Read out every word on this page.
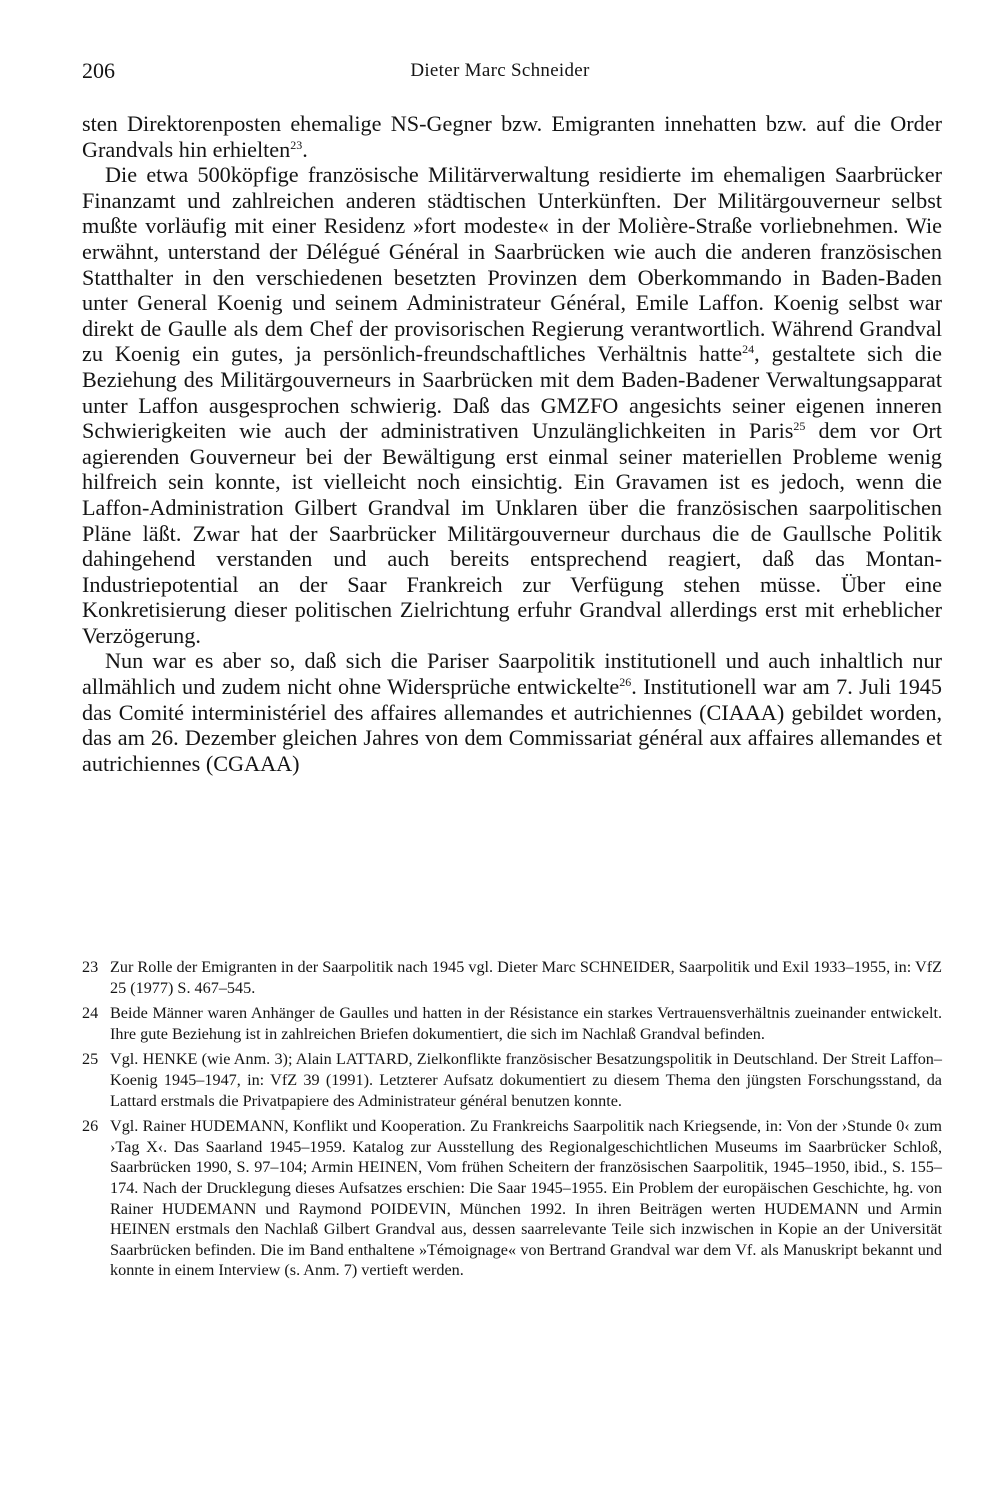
206	Dieter Marc Schneider

sten Direktorenposten ehemalige NS-Gegner bzw. Emigranten innehatten bzw. auf die Order Grandvals hin erhielten$^{23}$.

Die etwa 500köpfige französische Militärverwaltung residierte im ehemaligen Saarbrücker Finanzamt und zahlreichen anderen städtischen Unterkünften. Der Militärgouverneur selbst mußte vorläufig mit einer Residenz »fort modeste« in der Molière-Straße vorliebnehmen. Wie erwähnt, unterstand der Délégué Général in Saarbrücken wie auch die anderen französischen Statthalter in den verschiedenen besetzten Provinzen dem Oberkommando in Baden-Baden unter General Koenig und seinem Administrateur Général, Emile Laffon. Koenig selbst war direkt de Gaulle als dem Chef der provisorischen Regierung verantwortlich. Während Grandval zu Koenig ein gutes, ja persönlich-freundschaftliches Verhältnis hatte$^{24}$, gestaltete sich die Beziehung des Militärgouverneurs in Saarbrücken mit dem Baden-Badener Verwaltungsapparat unter Laffon ausgesprochen schwierig. Daß das GMZFO angesichts seiner eigenen inneren Schwierigkeiten wie auch der administrativen Unzulänglichkeiten in Paris$^{25}$ dem vor Ort agierenden Gouverneur bei der Bewältigung erst einmal seiner materiellen Probleme wenig hilfreich sein konnte, ist vielleicht noch einsichtig. Ein Gravamen ist es jedoch, wenn die Laffon-Administration Gilbert Grandval im Unklaren über die französischen saarpolitischen Pläne läßt. Zwar hat der Saarbrücker Militärgouverneur durchaus die de Gaullsche Politik dahingehend verstanden und auch bereits entsprechend reagiert, daß das Montan-Industriepotential an der Saar Frankreich zur Verfügung stehen müsse. Über eine Konkretisierung dieser politischen Zielrichtung erfuhr Grandval allerdings erst mit erheblicher Verzögerung.

Nun war es aber so, daß sich die Pariser Saarpolitik institutionell und auch inhaltlich nur allmählich und zudem nicht ohne Widersprüche entwickelte$^{26}$. Institutionell war am 7. Juli 1945 das Comité interministériel des affaires allemandes et autrichiennes (CIAAA) gebildet worden, das am 26. Dezember gleichen Jahres von dem Commissariat général aux affaires allemandes et autrichiennes (CGAAA)

23 Zur Rolle der Emigranten in der Saarpolitik nach 1945 vgl. Dieter Marc SCHNEIDER, Saarpolitik und Exil 1933–1955, in: VfZ 25 (1977) S. 467–545.
24 Beide Männer waren Anhänger de Gaulles und hatten in der Résistance ein starkes Vertrauensverhältnis zueinander entwickelt. Ihre gute Beziehung ist in zahlreichen Briefen dokumentiert, die sich im Nachlaß Grandval befinden.
25 Vgl. HENKE (wie Anm. 3); Alain LATTARD, Zielkonflikte französischer Besatzungspolitik in Deutschland. Der Streit Laffon–Koenig 1945–1947, in: VfZ 39 (1991). Letzterer Aufsatz dokumentiert zu diesem Thema den jüngsten Forschungsstand, da Lattard erstmals die Privatpapiere des Administrateur général benutzen konnte.
26 Vgl. Rainer HUDEMANN, Konflikt und Kooperation. Zu Frankreichs Saarpolitik nach Kriegsende, in: Von der ›Stunde 0‹ zum ›Tag X‹. Das Saarland 1945–1959. Katalog zur Ausstellung des Regionalgeschichtlichen Museums im Saarbrücker Schloß, Saarbrücken 1990, S. 97–104; Armin HEINEN, Vom frühen Scheitern der französischen Saarpolitik, 1945–1950, ibid., S. 155–174. Nach der Drucklegung dieses Aufsatzes erschien: Die Saar 1945–1955. Ein Problem der europäischen Geschichte, hg. von Rainer HUDEMANN und Raymond POIDEVIN, München 1992. In ihren Beiträgen werten HUDEMANN und Armin HEINEN erstmals den Nachlaß Gilbert Grandval aus, dessen saarrelevante Teile sich inzwischen in Kopie an der Universität Saarbrücken befinden. Die im Band enthaltene »Témoignage« von Bertrand Grandval war dem Vf. als Manuskript bekannt und konnte in einem Interview (s. Anm. 7) vertieft werden.
